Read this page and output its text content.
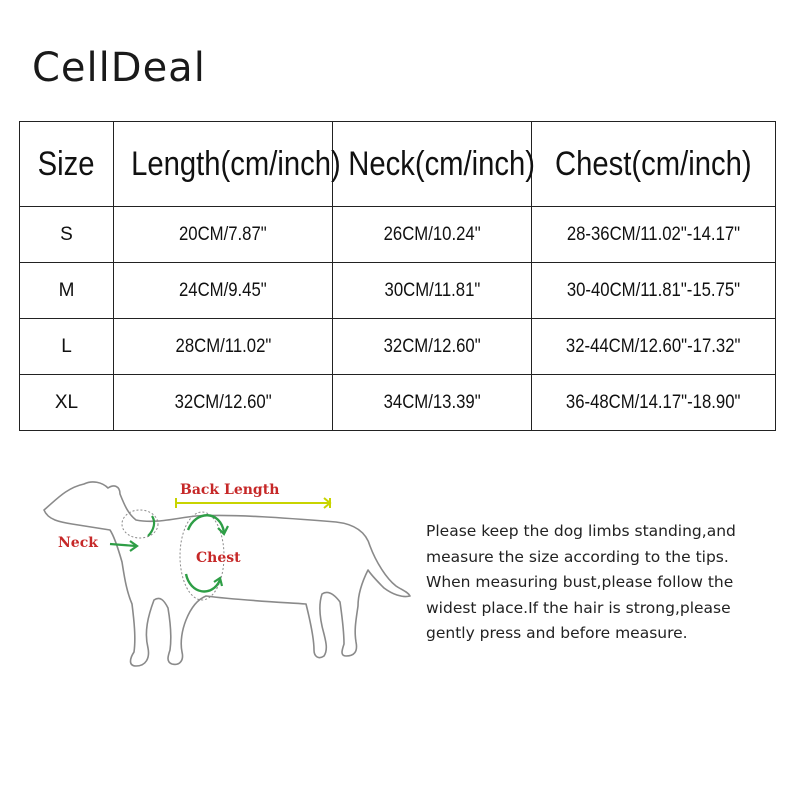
CellDeal
Size	Length(cm/inch)	Neck(cm/inch)	Chest(cm/inch)
S	20CM/7.87"	26CM/10.24"	28-36CM/11.02"-14.17"
M	24CM/9.45"	30CM/11.81"	30-40CM/11.81"-15.75"
L	28CM/11.02"	32CM/12.60"	32-44CM/12.60"-17.32"
XL	32CM/12.60"	34CM/13.39"	36-48CM/14.17"-18.90"
Back Length
Neck
Chest
Please keep the dog limbs standing,and
measure the size according to the tips.
When measuring bust,please follow the
widest place.If the hair is strong,please
gently press and before measure.
